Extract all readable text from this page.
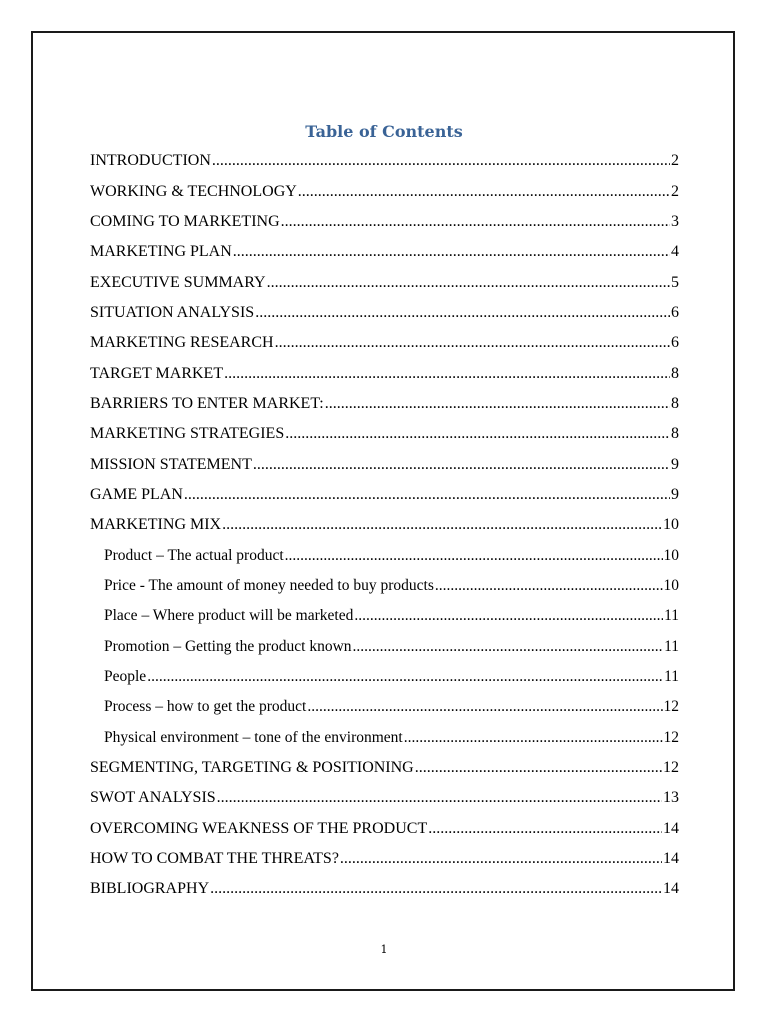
Table of Contents
INTRODUCTION .....	2
WORKING & TECHNOLOGY .....	2
COMING TO MARKETING .....	3
MARKETING PLAN .....	4
EXECUTIVE SUMMARY .....	5
SITUATION ANALYSIS .....	6
MARKETING RESEARCH .....	6
TARGET MARKET .....	8
BARRIERS TO ENTER MARKET: .....	8
MARKETING STRATEGIES .....	8
MISSION STATEMENT .....	9
GAME PLAN .....	9
MARKETING MIX .....	10
Product – The actual product .....	10
Price - The amount of money needed to buy products .....	10
Place – Where product will be marketed .....	11
Promotion – Getting the product known .....	11
People .....	11
Process – how to get the product .....	12
Physical environment – tone of the environment .....	12
SEGMENTING, TARGETING & POSITIONING .....	12
SWOT ANALYSIS .....	13
OVERCOMING WEAKNESS OF THE PRODUCT .....	14
HOW TO COMBAT THE THREATS? .....	14
BIBLIOGRAPHY .....	14
1
